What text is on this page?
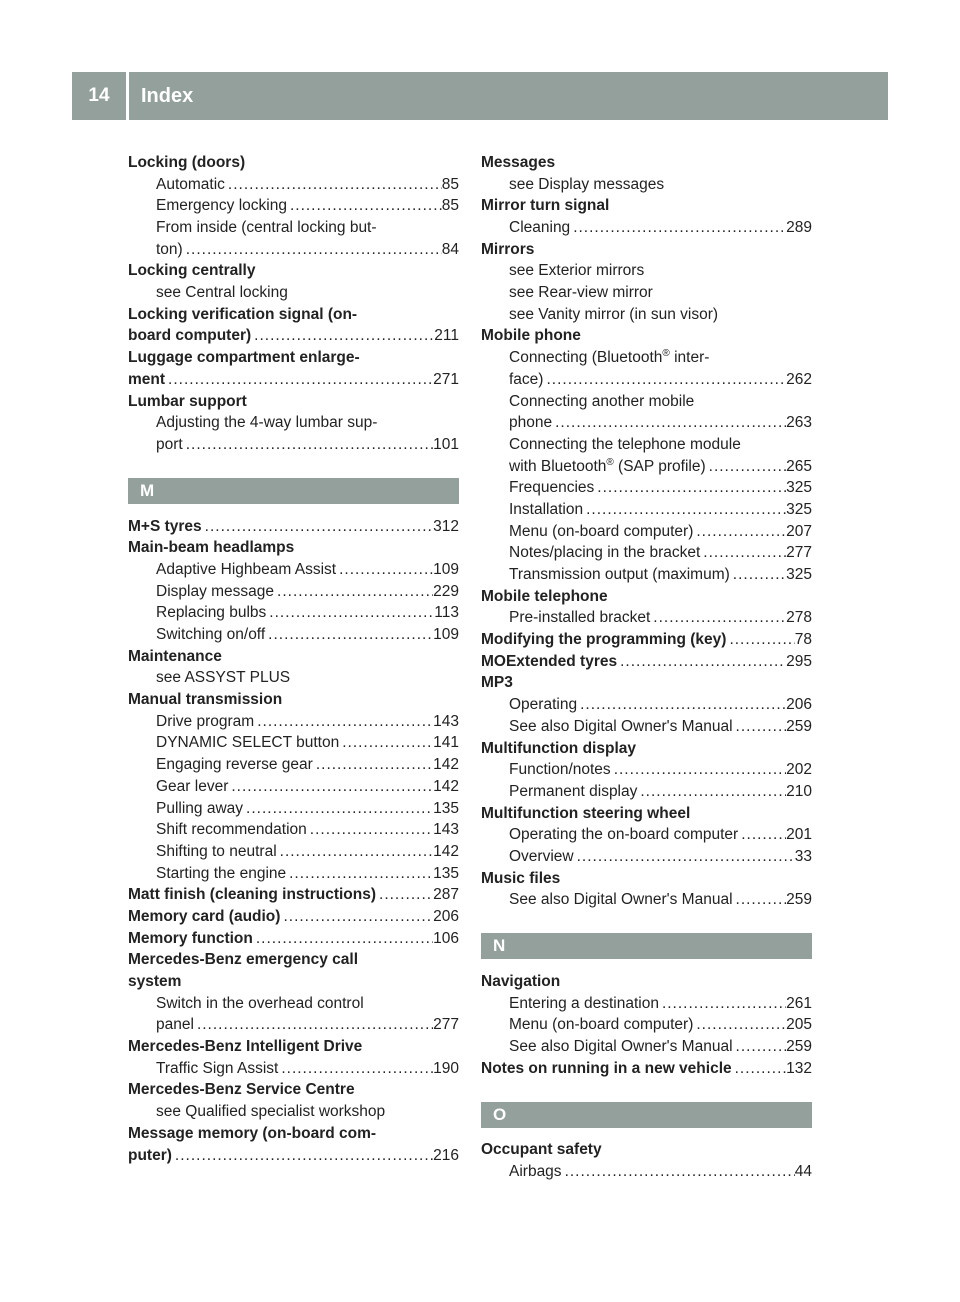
14	Index
Locking (doors)
Automatic .....	85
Emergency locking .....	85
From inside (central locking but-
ton) .....	84
Locking centrally
see Central locking
Locking verification signal (on-
board computer) .....	211
Luggage compartment enlarge-
ment .....	271
Lumbar support
Adjusting the 4-way lumbar sup-
port .....	101
M
M+S tyres .....	312
Main-beam headlamps
Adaptive Highbeam Assist .....	109
Display message .....	229
Replacing bulbs .....	113
Switching on/off .....	109
Maintenance
see ASSYST PLUS
Manual transmission
Drive program .....	143
DYNAMIC SELECT button .....	141
Engaging reverse gear .....	142
Gear lever .....	142
Pulling away .....	135
Shift recommendation .....	143
Shifting to neutral .....	142
Starting the engine .....	135
Matt finish (cleaning instructions) .....	287
Memory card (audio) .....	206
Memory function .....	106
Mercedes-Benz emergency call
system
Switch in the overhead control
panel .....	277
Mercedes-Benz Intelligent Drive
Traffic Sign Assist .....	190
Mercedes-Benz Service Centre
see Qualified specialist workshop
Message memory (on-board com-
puter) .....	216
Messages
see Display messages
Mirror turn signal
Cleaning .....	289
Mirrors
see Exterior mirrors
see Rear-view mirror
see Vanity mirror (in sun visor)
Mobile phone
Connecting (Bluetooth® inter-
face) .....	262
Connecting another mobile
phone .....	263
Connecting the telephone module
with Bluetooth® (SAP profile) .....	265
Frequencies .....	325
Installation .....	325
Menu (on-board computer) .....	207
Notes/placing in the bracket .....	277
Transmission output (maximum) .....	325
Mobile telephone
Pre-installed bracket .....	278
Modifying the programming (key) .....	78
MOExtended tyres .....	295
MP3
Operating .....	206
See also Digital Owner's Manual .....	259
Multifunction display
Function/notes .....	202
Permanent display .....	210
Multifunction steering wheel
Operating the on-board computer .....	201
Overview .....	33
Music files
See also Digital Owner's Manual .....	259
N
Navigation
Entering a destination .....	261
Menu (on-board computer) .....	205
See also Digital Owner's Manual .....	259
Notes on running in a new vehicle .....	132
O
Occupant safety
Airbags .....	44
